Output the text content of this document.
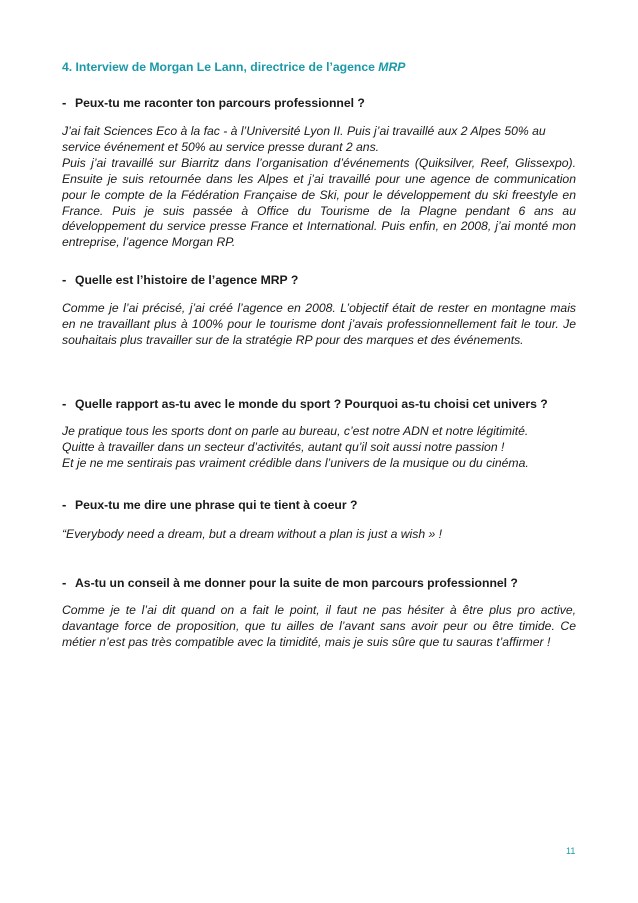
4. Interview de Morgan Le Lann, directrice de l’agence MRP
- Peux-tu me raconter ton parcours professionnel ?

J’ai fait Sciences Eco à la fac - à l’Université Lyon II. Puis j’ai travaillé aux 2 Alpes 50% au service événement et 50% au service presse durant 2 ans.

Puis j’ai travaillé sur Biarritz dans l’organisation d’événements (Quiksilver, Reef, Glissexpo). Ensuite je suis retournée dans les Alpes et j’ai travaillé pour une agence de communication pour le compte de la Fédération Française de Ski, pour le développement du ski freestyle en France. Puis je suis passée à Office du Tourisme de la Plagne pendant 6 ans au développement du service presse France et International. Puis enfin, en 2008, j’ai monté mon entreprise, l’agence Morgan RP.

- Quelle est l’histoire de l’agence MRP ?

Comme je l’ai précisé, j’ai créé l’agence en 2008. L’objectif était de rester en montagne mais en ne travaillant plus à 100% pour le tourisme dont j’avais professionnellement fait le tour. Je souhaitais plus travailler sur de la stratégie RP pour des marques et des événements.

- Quelle rapport as-tu avec le monde du sport ? Pourquoi as-tu choisi cet univers ?

Je pratique tous les sports dont on parle au bureau, c’est notre ADN et notre légitimité.

Quitte à travailler dans un secteur d’activités, autant qu’il soit aussi notre passion !

Et je ne me sentirais pas vraiment crédible dans l’univers de la musique ou du cinéma.

- Peux-tu me dire une phrase qui te tient à coeur ?

“Everybody need a dream, but a dream without a plan is just a wish » !

- As-tu un conseil à me donner pour la suite de mon parcours professionnel ?

Comme je te l’ai dit quand on a fait le point, il faut ne pas hésiter à être plus pro active, davantage force de proposition, que tu ailles de l’avant sans avoir peur ou être timide. Ce métier n’est pas très compatible avec la timidité, mais je suis sûre que tu sauras t’affirmer !

11
